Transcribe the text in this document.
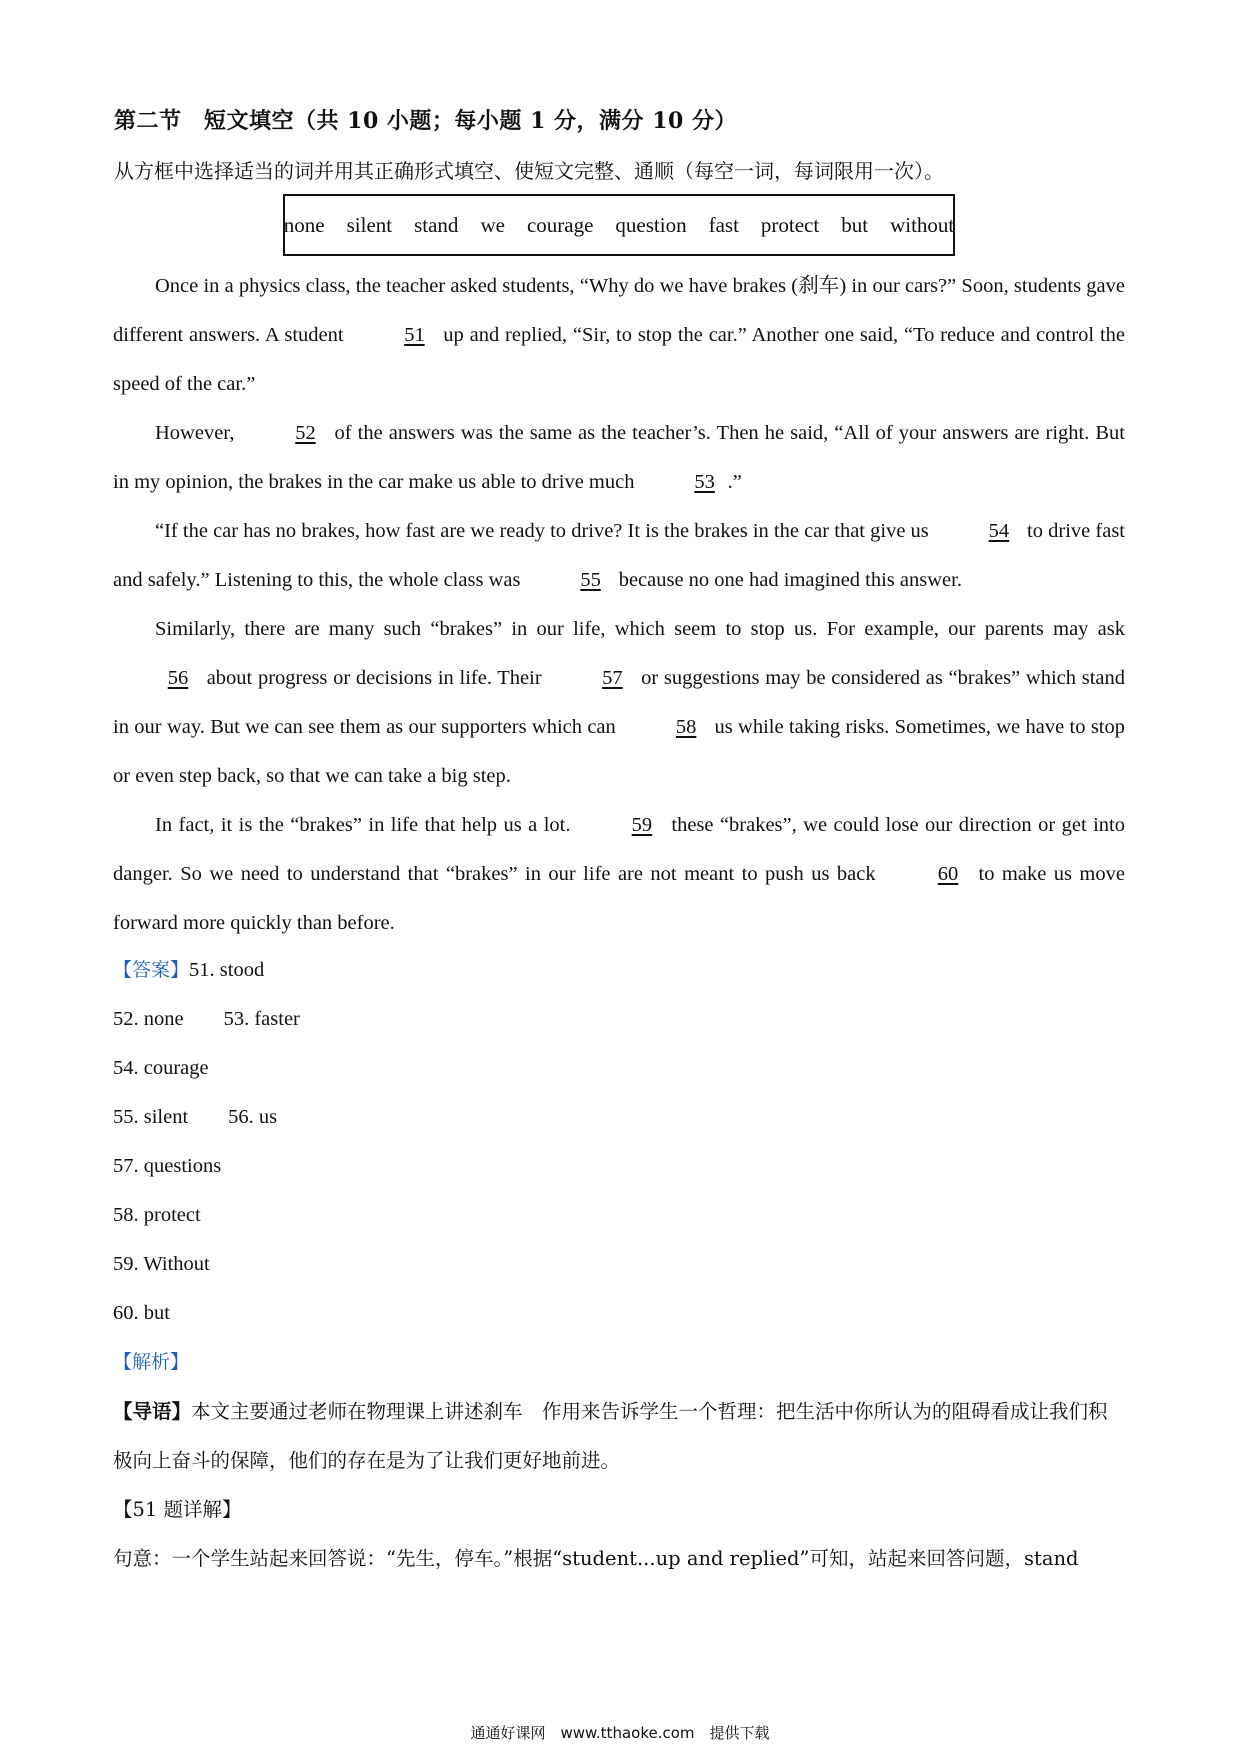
第二节　短文填空（共 10 小题；每小题 1 分，满分 10 分）
从方框中选择适当的词并用其正确形式填空、使短文完整、通顺（每空一词，每词限用一次）。
none silent stand we courage question fast protect but without

Once in a physics class, the teacher asked students, “Why do we have brakes (刹车) in our cars?” Soon, students gave different answers. A student	51 up and replied, “Sir, to stop the car.” Another one said, “To reduce and control the speed of the car.”

However,	52 of the answers was the same as the teacher’s. Then he said, “All of your answers are right. But in my opinion, the brakes in the car make us able to drive much	53 .”

“If the car has no brakes, how fast are we ready to drive? It is the brakes in the car that give us	54 to drive fast and safely.” Listening to this, the whole class was	55 because no one had imagined this answer.

Similarly, there are many such “brakes” in our life, which seem to stop us. For example, our parents may ask 56 about progress or decisions in life. Their	57 or suggestions may be considered as “brakes” which stand in our way. But we can see them as our supporters which can	58 us while taking risks. Sometimes, we have to stop or even step back, so that we can take a big step.

In fact, it is the “brakes” in life that help us a lot.	59 these “brakes”, we could lose our direction or get into danger. So we need to understand that “brakes” in our life are not meant to push us back	60 to make us move forward more quickly than before.

【答案】51. stood
52. none 53. faster
54. courage
55. silent 56. us
57. questions
58. protect
59. Without
60. but

【解析】

【导语】本文主要通过老师在物理课上讲述刹车　作用来告诉学生一个哲理：把生活中你所认为的阻碍看成让我们积极向上奋斗的保障，他们的存在是为了让我们更好地前进。

【51 题详解】

句意：一个学生站起来回答说：“先生，停车。”根据“student...up and replied”可知，站起来回答问题，stand

通通好课网　www.tthaoke.com　提供下载
